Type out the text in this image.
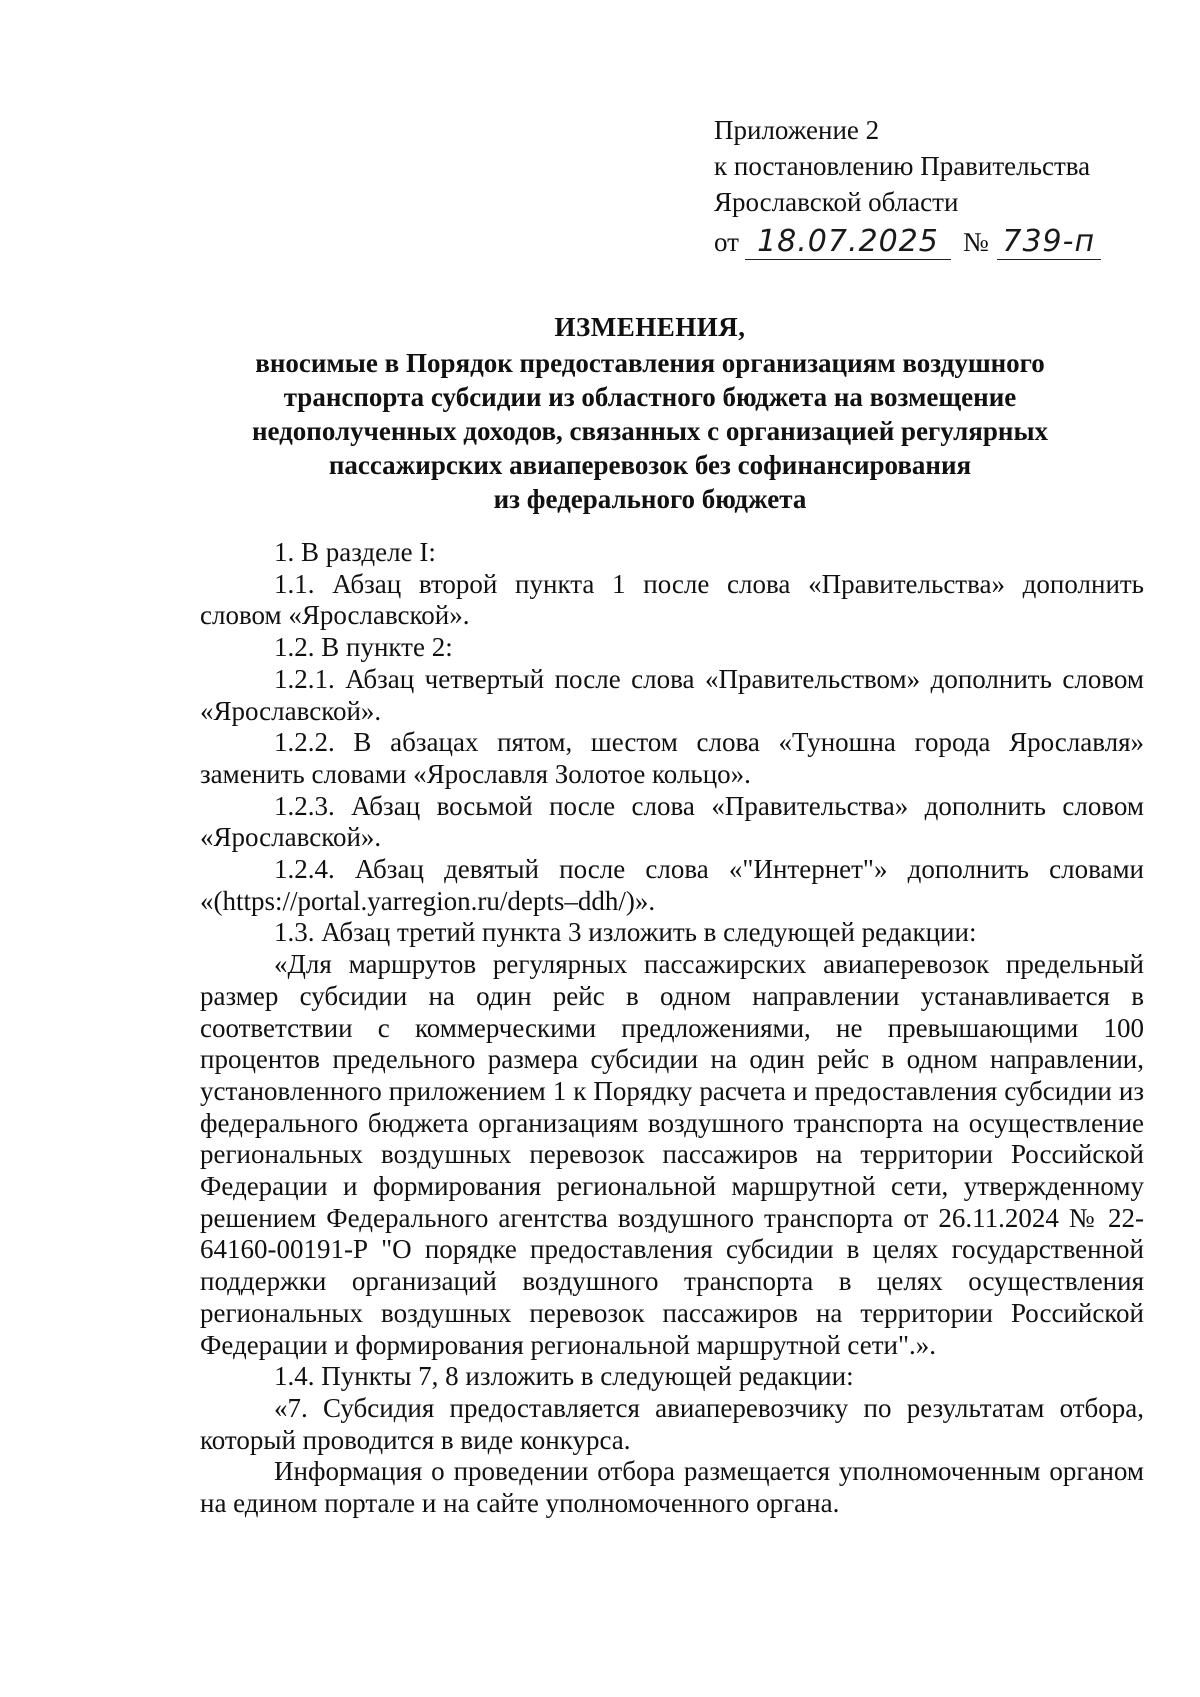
Приложение 2
к постановлению Правительства
Ярославской области
от 18.07.2025 № 739-п
ИЗМЕНЕНИЯ,
вносимые в Порядок предоставления организациям воздушного
транспорта субсидии из областного бюджета на возмещение
недополученных доходов, связанных с организацией регулярных
пассажирских авиаперевозок без софинансирования
из федерального бюджета

1. В разделе I:

1.1. Абзац второй пункта 1 после слова «Правительства» дополнить словом «Ярославской».

1.2. В пункте 2:

1.2.1. Абзац четвертый после слова «Правительством» дополнить словом «Ярославской».

1.2.2. В абзацах пятом, шестом слова «Туношна города Ярославля» заменить словами «Ярославля Золотое кольцо».

1.2.3. Абзац восьмой после слова «Правительства» дополнить словом «Ярославской».

1.2.4. Абзац девятый после слова «"Интернет"» дополнить словами «(https://portal.yarregion.ru/depts–ddh/)».

1.3. Абзац третий пункта 3 изложить в следующей редакции:

«Для маршрутов регулярных пассажирских авиаперевозок предельный размер субсидии на один рейс в одном направлении устанавливается в соответствии с коммерческими предложениями, не превышающими 100 процентов предельного размера субсидии на один рейс в одном направлении, установленного приложением 1 к Порядку расчета и предоставления субсидии из федерального бюджета организациям воздушного транспорта на осуществление региональных воздушных перевозок пассажиров на территории Российской Федерации и формирования региональной маршрутной сети, утвержденному решением Федерального агентства воздушного транспорта от 26.11.2024 № 22-64160-00191-Р "О порядке предоставления субсидии в целях государственной поддержки организаций воздушного транспорта в целях осуществления региональных воздушных перевозок пассажиров на территории Российской Федерации и формирования региональной маршрутной сети".».

1.4. Пункты 7, 8 изложить в следующей редакции:

«7. Субсидия предоставляется авиаперевозчику по результатам отбора, который проводится в виде конкурса.

Информация о проведении отбора размещается уполномоченным органом на едином портале и на сайте уполномоченного органа.
